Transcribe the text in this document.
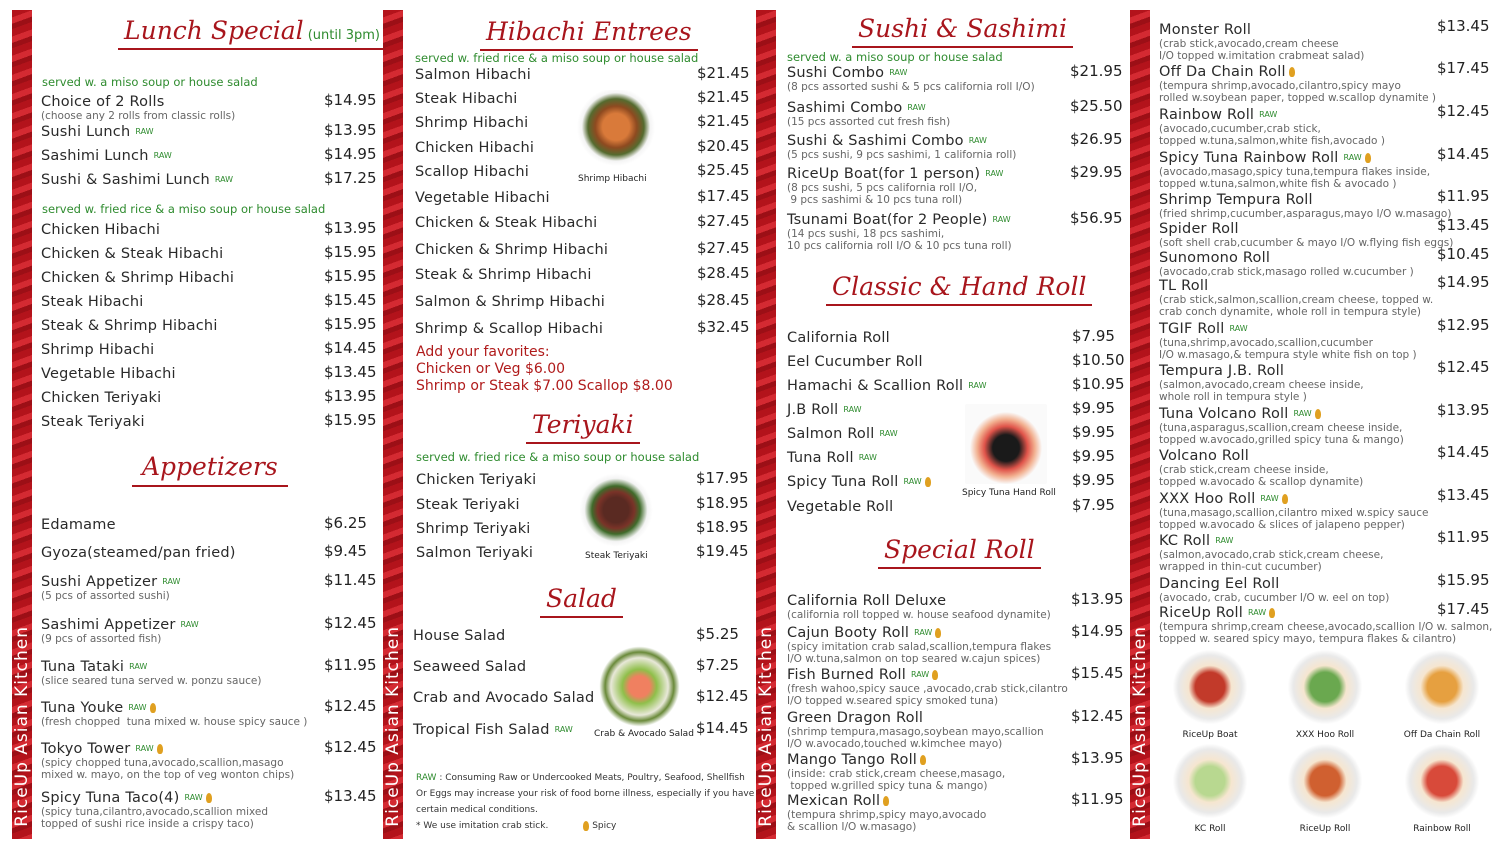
RiceUp Asian Kitchen	RiceUp Asian Kitchen	RiceUp Asian Kitchen	RiceUp Asian Kitchen
Choice of 2 Rolls
(choose any 2 rolls from classic rolls)
$14.95
Sushi Lunch RAW	$13.95
Sashimi Lunch RAW	$14.95
Sushi & Sashimi Lunch RAW	$17.25
Chicken Hibachi	$13.95
Chicken & Steak Hibachi	$15.95
Chicken & Shrimp Hibachi	$15.95
Steak Hibachi	$15.45
Steak & Shrimp Hibachi	$15.95
Shrimp Hibachi	$14.45
Vegetable Hibachi	$13.45
Chicken Teriyaki	$13.95
Steak Teriyaki	$15.95
Edamame	$6.25
Gyoza(steamed/pan fried)	$9.45
Sushi Appetizer RAW
(5 pcs of assorted sushi)
$11.45
Sashimi Appetizer RAW
(9 pcs of assorted fish)
$12.45
Tuna Tataki RAW
(slice seared tuna served w. ponzu sauce)
$11.95
Tuna Youke RAW
(fresh chopped  tuna mixed w. house spicy sauce )
$12.45
Tokyo Tower RAW
(spicy chopped tuna,avocado,scallion,masago
mixed w. mayo, on the top of veg wonton chips)
$12.45
Spicy Tuna Taco(4) RAW
(spicy tuna,cilantro,avocado,scallion mixed
topped of sushi rice inside a crispy taco)
$13.45
Salmon Hibachi	$21.45
Steak Hibachi	$21.45
Shrimp Hibachi	$21.45
Chicken Hibachi	$20.45
Scallop Hibachi	$25.45
Vegetable Hibachi	$17.45
Chicken & Steak Hibachi	$27.45
Chicken & Shrimp Hibachi	$27.45
Steak & Shrimp Hibachi	$28.45
Salmon & Shrimp Hibachi	$28.45
Shrimp & Scallop Hibachi	$32.45
Chicken Teriyaki	$17.95
Steak Teriyaki	$18.95
Shrimp Teriyaki	$18.95
Salmon Teriyaki	$19.45
House Salad	$5.25
Seaweed Salad	$7.25
Crab and Avocado Salad	$12.45
Tropical Fish Salad RAW	$14.45
Sushi Combo RAW
(8 pcs assorted sushi & 5 pcs california roll I/O)
$21.95
Sashimi Combo RAW
(15 pcs assorted cut fresh fish)
$25.50
Sushi & Sashimi Combo RAW
(5 pcs sushi, 9 pcs sashimi, 1 california roll)
$26.95
RiceUp Boat(for 1 person) RAW
(8 pcs sushi, 5 pcs california roll I/O,
9 pcs sashimi & 10 pcs tuna roll)
$29.95
Tsunami Boat(for 2 People) RAW
(14 pcs sushi, 18 pcs sashimi,
10 pcs california roll I/O & 10 pcs tuna roll)
$56.95
California Roll	$7.95
Eel Cucumber Roll	$10.50
Hamachi & Scallion Roll RAW	$10.95
J.B Roll RAW	$9.95
Salmon Roll RAW	$9.95
Tuna Roll RAW	$9.95
Spicy Tuna Roll RAW	$9.95
Vegetable Roll	$7.95
California Roll Deluxe
(california roll topped w. house seafood dynamite)
$13.95
Cajun Booty Roll RAW
(spicy imitation crab salad,scallion,tempura flakes
I/O w.tuna,salmon on top seared w.cajun spices)
$14.95
Fish Burned Roll RAW
(fresh wahoo,spicy sauce ,avocado,crab stick,cilantro
I/O topped w.seared spicy smoked tuna)
$15.45
Green Dragon Roll
(shrimp tempura,masago,soybean mayo,scallion
I/O w.avocado,touched w.kimchee mayo)
$12.45
Mango Tango Roll
(inside: crab stick,cream cheese,masago,
topped w.grilled spicy tuna & mango)
$13.95
Mexican Roll
(tempura shrimp,spicy mayo,avocado
& scallion I/O w.masago)
$11.95
Monster Roll
(crab stick,avocado,cream cheese
I/O topped w.imitation crabmeat salad)
$13.45
Off Da Chain Roll
(tempura shrimp,avocado,cilantro,spicy mayo
rolled w.soybean paper, topped w.scallop dynamite )
$17.45
Rainbow Roll RAW
(avocado,cucumber,crab stick,
topped w.tuna,salmon,white fish,avocado )
$12.45
Spicy Tuna Rainbow Roll RAW
(avocado,masago,spicy tuna,tempura flakes inside,
topped w.tuna,salmon,white fish & avocado )
$14.45
Shrimp Tempura Roll
(fried shrimp,cucumber,asparagus,mayo I/O w.masago)
$11.95
Spider Roll
(soft shell crab,cucumber & mayo I/O w.flying fish eggs)
$13.45
Sunomono Roll
(avocado,crab stick,masago rolled w.cucumber )
$10.45
TL Roll
(crab stick,salmon,scallion,cream cheese, topped w.
crab conch dynamite, whole roll in tempura style)
$14.95
TGIF Roll RAW
(tuna,shrimp,avocado,scallion,cucumber
I/O w.masago,& tempura style white fish on top )
$12.95
Tempura J.B. Roll
(salmon,avocado,cream cheese inside,
whole roll in tempura style )
$12.45
Tuna Volcano Roll RAW
(tuna,asparagus,scallion,cream cheese inside,
topped w.avocado,grilled spicy tuna & mango)
$13.95
Volcano Roll
(crab stick,cream cheese inside,
topped w.avocado & scallop dynamite)
$14.45
XXX Hoo Roll RAW
(tuna,masago,scallion,cilantro mixed w.spicy sauce
topped w.avocado & slices of jalapeno pepper)
$13.45
KC Roll RAW
(salmon,avocado,crab stick,cream cheese,
wrapped in thin-cut cucumber)
$11.95
Dancing Eel Roll
(avocado, crab, cucumber I/O w. eel on top)
$15.95
RiceUp Roll RAW
(tempura shrimp,cream cheese,avocado,scallion I/O w. salmon,
topped w. seared spicy mayo, tempura flakes & cilantro)
$17.45
RiceUp Boat	XXX Hoo Roll	Off Da Chain Roll
KC Roll	RiceUp Roll	Rainbow Roll
Lunch Special (until 3pm)
served w. a miso soup or house salad
served w. fried rice & a miso soup or house salad
Appetizers
Hibachi Entrees
served w. fried rice & a miso soup or house salad
Add your favorites:
Chicken or Veg $6.00
Shrimp or Steak $7.00 Scallop $8.00
Teriyaki
served w. fried rice & a miso soup or house salad
Salad
RAW : Consuming Raw or Undercooked Meats, Poultry, Seafood, Shellfish
Or Eggs may increase your risk of food borne illness, especially if you have
certain medical conditions.
* We use imitation crab stick.	Spicy
Sushi & Sashimi
served w. a miso soup or house salad
Classic & Hand Roll
Special Roll
Shrimp Hibachi
Steak Teriyaki
Crab & Avocado Salad
Spicy Tuna Hand Roll
